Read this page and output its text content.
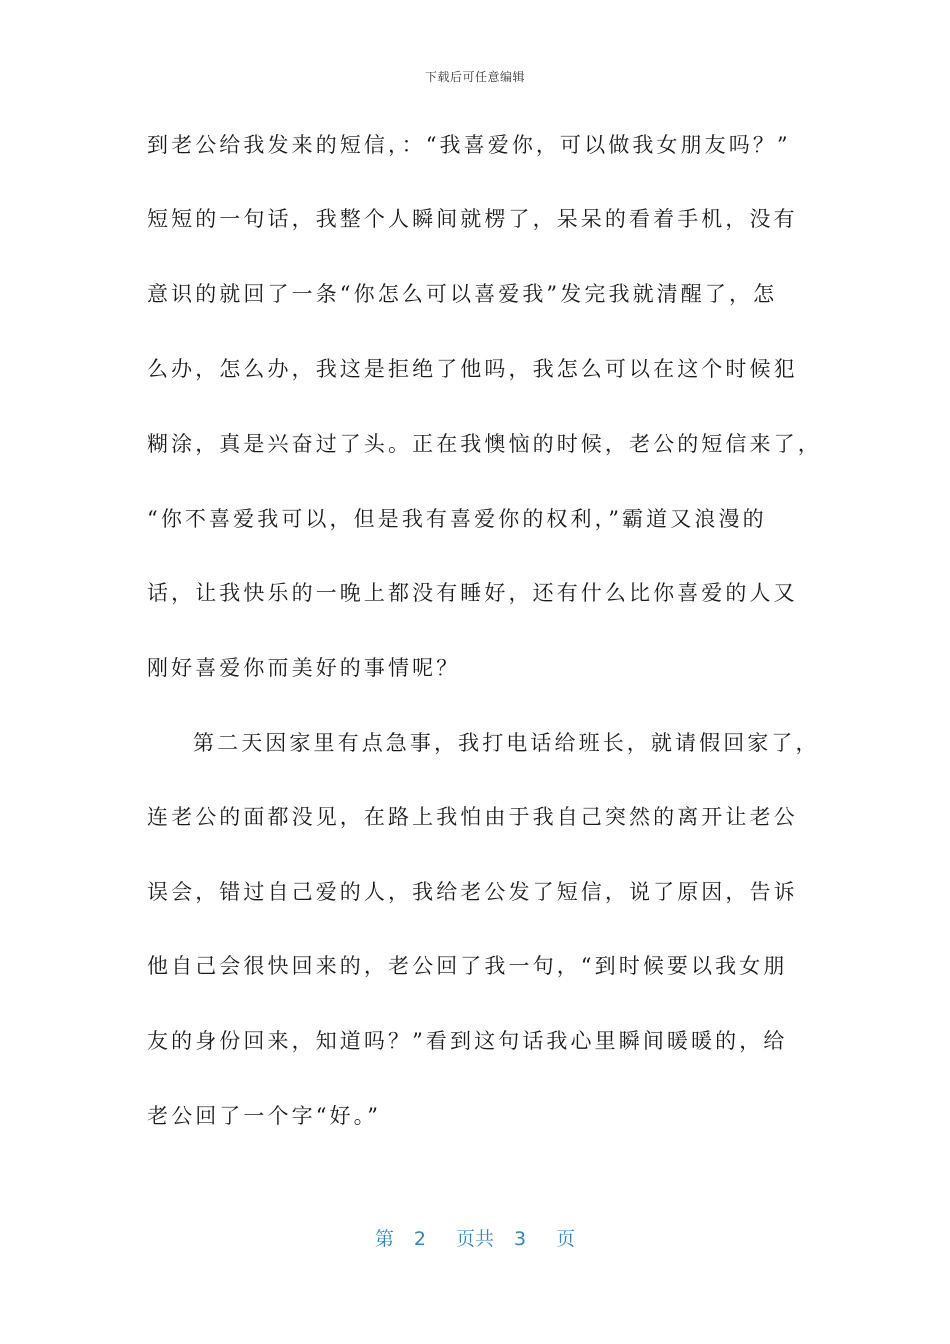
下载后可任意编辑
到老公给我发来的短信，：“我喜爱你，可以做我女朋友吗？”
短短的一句话，我整个人瞬间就楞了，呆呆的看着手机，没有
意识的就回了一条“你怎么可以喜爱我”发完我就清醒了，怎
么办，怎么办，我这是拒绝了他吗，我怎么可以在这个时候犯
糊涂，真是兴奋过了头。正在我懊恼的时候，老公的短信来了，
“你不喜爱我可以，但是我有喜爱你的权利，”霸道又浪漫的
话，让我快乐的一晚上都没有睡好，还有什么比你喜爱的人又
刚好喜爱你而美好的事情呢？
第二天因家里有点急事，我打电话给班长，就请假回家了，
连老公的面都没见，在路上我怕由于我自己突然的离开让老公
误会，错过自己爱的人，我给老公发了短信，说了原因，告诉
他自己会很快回来的，老公回了我一句，“到时候要以我女朋
友的身份回来，知道吗？”看到这句话我心里瞬间暖暖的，给
老公回了一个字“好。”
第 2 页共 3 页
